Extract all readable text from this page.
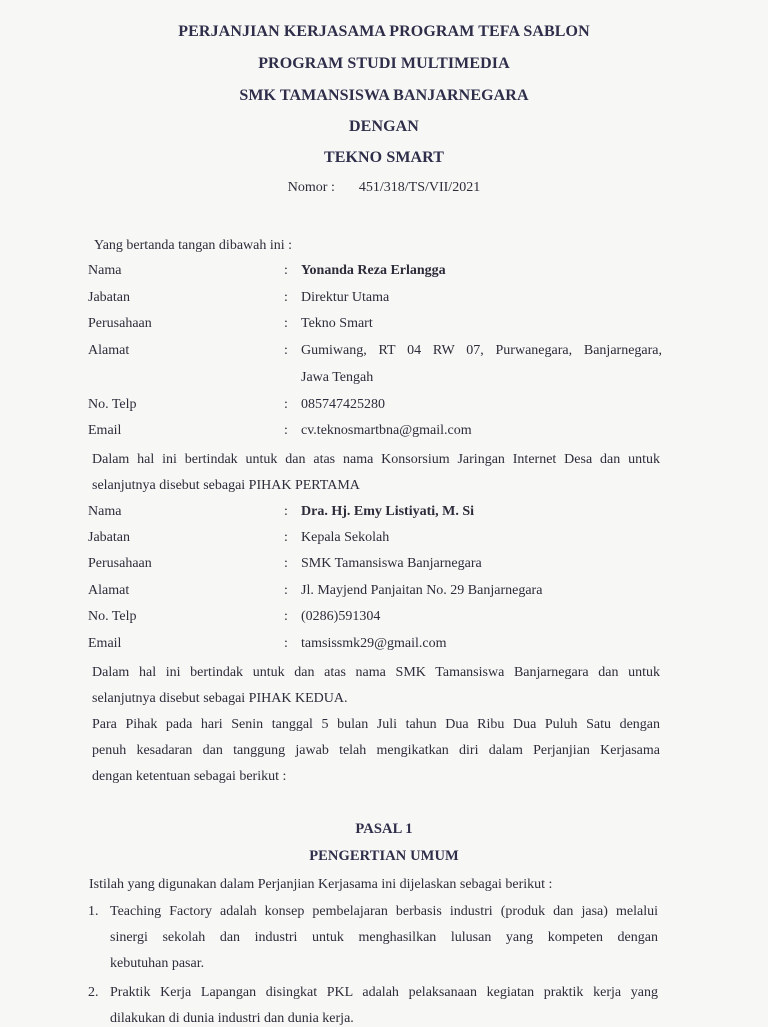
PERJANJIAN KERJASAMA PROGRAM TEFA SABLON
PROGRAM STUDI MULTIMEDIA
SMK TAMANSISWA BANJARNEGARA
DENGAN
TEKNO SMART
Nomor : 451/318/TS/VII/2021
Yang bertanda tangan dibawah ini :
Nama	: Yonanda Reza Erlangga
Jabatan	: Direktur Utama
Perusahaan	: Tekno Smart
Alamat	: Gumiwang, RT 04 RW 07, Purwanegara, Banjarnegara,
Jawa Tengah
No. Telp	: 085747425280
Email	: cv.teknosmartbna@gmail.com
Dalam hal ini bertindak untuk dan atas nama Konsorsium Jaringan Internet Desa dan untuk
selanjutnya disebut sebagai PIHAK PERTAMA
Nama	: Dra. Hj. Emy Listiyati, M. Si
Jabatan	: Kepala Sekolah
Perusahaan	: SMK Tamansiswa Banjarnegara
Alamat	: Jl. Mayjend Panjaitan No. 29 Banjarnegara
No. Telp	: (0286)591304
Email	: tamsissmk29@gmail.com
Dalam hal ini bertindak untuk dan atas nama SMK Tamansiswa Banjarnegara dan untuk
selanjutnya disebut sebagai PIHAK KEDUA.
Para Pihak pada hari Senin tanggal 5 bulan Juli tahun Dua Ribu Dua Puluh Satu dengan
penuh kesadaran dan tanggung jawab telah mengikatkan diri dalam Perjanjian Kerjasama
dengan ketentuan sebagai berikut :
PASAL 1
PENGERTIAN UMUM
Istilah yang digunakan dalam Perjanjian Kerjasama ini dijelaskan sebagai berikut :
1. Teaching Factory adalah konsep pembelajaran berbasis industri (produk dan jasa) melalui
sinergi sekolah dan industri untuk menghasilkan lulusan yang kompeten dengan
kebutuhan pasar.
2. Praktik Kerja Lapangan disingkat PKL adalah pelaksanaan kegiatan praktik kerja yang
dilakukan di dunia industri dan dunia kerja.
